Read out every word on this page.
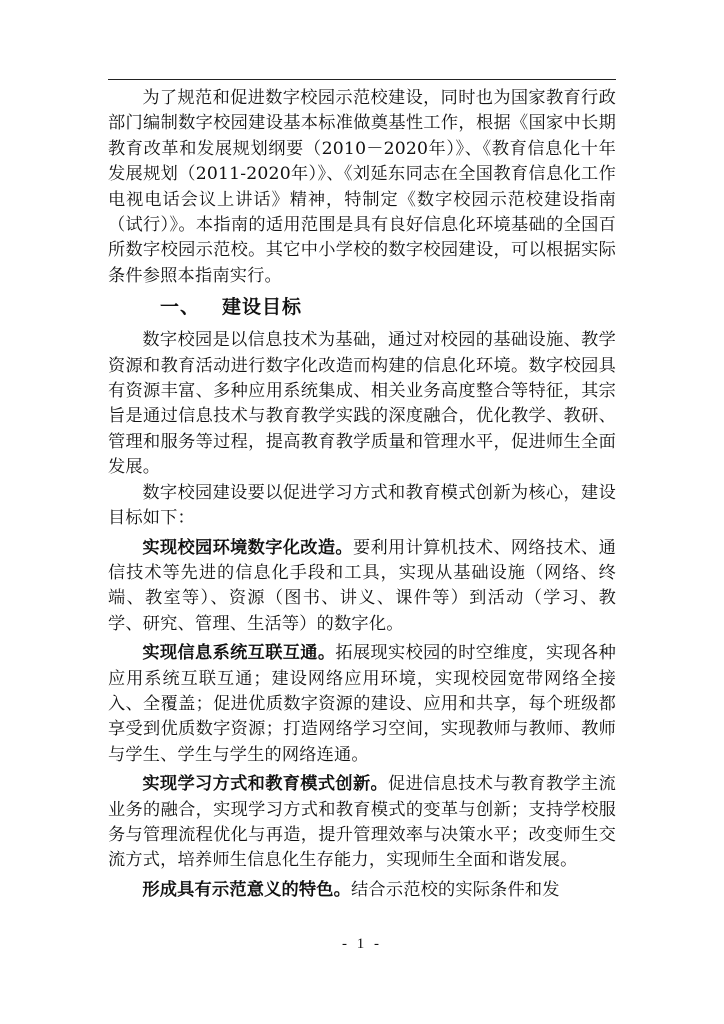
为了规范和促进数字校园示范校建设，同时也为国家教育行政部门编制数字校园建设基本标准做奠基性工作，根据《国家中长期教育改革和发展规划纲要（2010－2020年）》、《教育信息化十年发展规划（2011-2020年）》、《刘延东同志在全国教育信息化工作电视电话会议上讲话》精神，特制定《数字校园示范校建设指南（试行）》。本指南的适用范围是具有良好信息化环境基础的全国百所数字校园示范校。其它中小学校的数字校园建设，可以根据实际条件参照本指南实行。

一、 建设目标

数字校园是以信息技术为基础，通过对校园的基础设施、教学资源和教育活动进行数字化改造而构建的信息化环境。数字校园具有资源丰富、多种应用系统集成、相关业务高度整合等特征，其宗旨是通过信息技术与教育教学实践的深度融合，优化教学、教研、管理和服务等过程，提高教育教学质量和管理水平，促进师生全面发展。

数字校园建设要以促进学习方式和教育模式创新为核心，建设目标如下：

实现校园环境数字化改造。要利用计算机技术、网络技术、通信技术等先进的信息化手段和工具，实现从基础设施（网络、终端、教室等）、资源（图书、讲义、课件等）到活动（学习、教学、研究、管理、生活等）的数字化。

实现信息系统互联互通。拓展现实校园的时空维度，实现各种应用系统互联互通；建设网络应用环境，实现校园宽带网络全接入、全覆盖；促进优质数字资源的建设、应用和共享，每个班级都享受到优质数字资源；打造网络学习空间，实现教师与教师、教师与学生、学生与学生的网络连通。

实现学习方式和教育模式创新。促进信息技术与教育教学主流业务的融合，实现学习方式和教育模式的变革与创新；支持学校服务与管理流程优化与再造，提升管理效率与决策水平；改变师生交流方式，培养师生信息化生存能力，实现师生全面和谐发展。

形成具有示范意义的特色。结合示范校的实际条件和发

- 1 -
